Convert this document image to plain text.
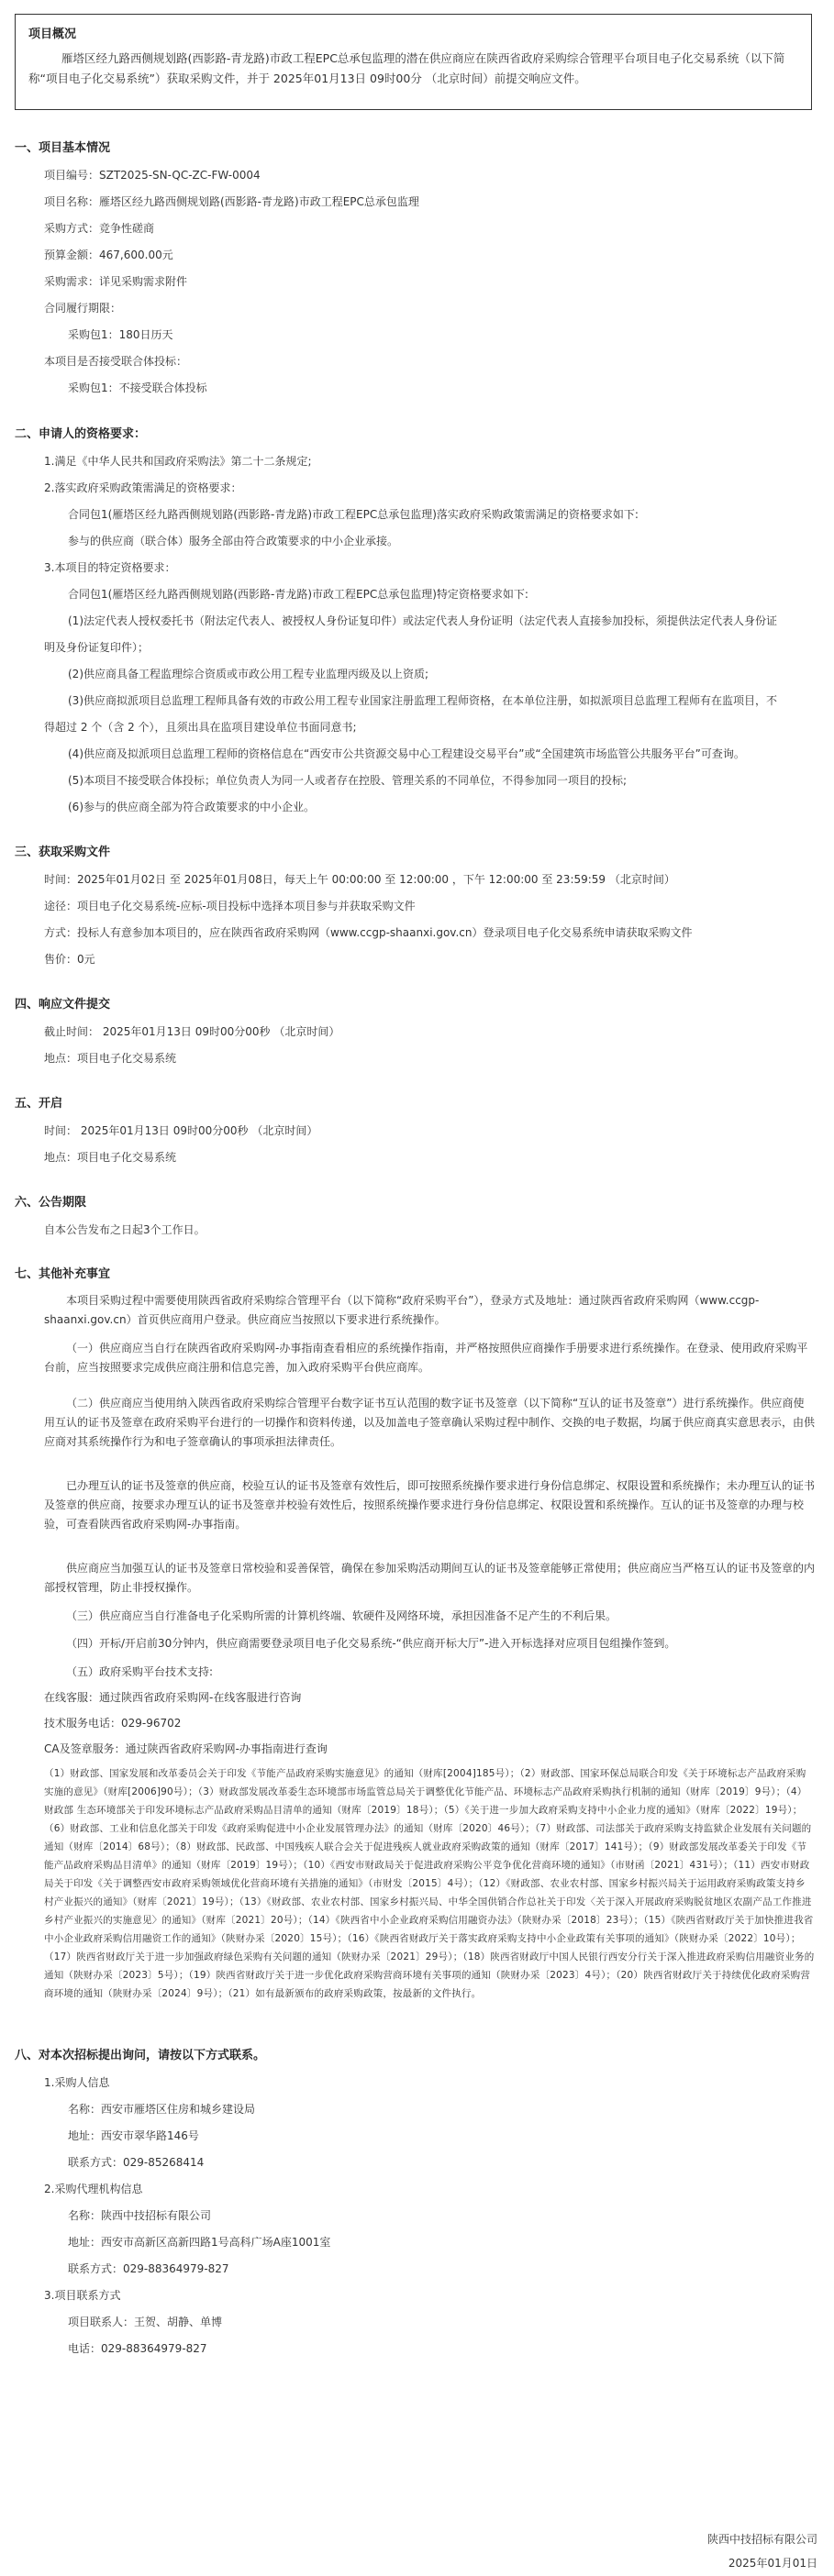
项目概况
雁塔区经九路西侧规划路(西影路-青龙路)市政工程EPC总承包监理的潜在供应商应在陕西省政府采购综合管理平台项目电子化交易系统（以下简称“项目电子化交易系统”）获取采购文件，并于 2025年01月13日 09时00分 （北京时间）前提交响应文件。
一、项目基本情况
项目编号：SZT2025-SN-QC-ZC-FW-0004
项目名称：雁塔区经九路西侧规划路(西影路-青龙路)市政工程EPC总承包监理
采购方式：竞争性磋商
预算金额：467,600.00元
采购需求：详见采购需求附件
合同履行期限：
采购包1：180日历天
本项目是否接受联合体投标：
采购包1：不接受联合体投标
二、申请人的资格要求：
1.满足《中华人民共和国政府采购法》第二十二条规定;
2.落实政府采购政策需满足的资格要求：
合同包1(雁塔区经九路西侧规划路(西影路-青龙路)市政工程EPC总承包监理)落实政府采购政策需满足的资格要求如下:
参与的供应商（联合体）服务全部由符合政策要求的中小企业承接。
3.本项目的特定资格要求：
合同包1(雁塔区经九路西侧规划路(西影路-青龙路)市政工程EPC总承包监理)特定资格要求如下:
(1)法定代表人授权委托书（附法定代表人、被授权人身份证复印件）或法定代表人身份证明（法定代表人直接参加投标，须提供法定代表人身份证
明及身份证复印件）；
(2)供应商具备工程监理综合资质或市政公用工程专业监理丙级及以上资质;
(3)供应商拟派项目总监理工程师具备有效的市政公用工程专业国家注册监理工程师资格，在本单位注册，如拟派项目总监理工程师有在监项目，不
得超过 2 个（含 2 个），且须出具在监项目建设单位书面同意书;
(4)供应商及拟派项目总监理工程师的资格信息在“西安市公共资源交易中心工程建设交易平台”或“全国建筑市场监管公共服务平台”可查询。
(5)本项目不接受联合体投标；单位负责人为同一人或者存在控股、管理关系的不同单位，不得参加同一项目的投标;
(6)参与的供应商全部为符合政策要求的中小企业。
三、获取采购文件
时间：2025年01月02日 至 2025年01月08日，每天上午 00:00:00 至 12:00:00 ，下午 12:00:00 至 23:59:59 （北京时间）
途径：项目电子化交易系统-应标-项目投标中选择本项目参与并获取采购文件
方式：投标人有意参加本项目的，应在陕西省政府采购网（www.ccgp-shaanxi.gov.cn）登录项目电子化交易系统申请获取采购文件
售价：0元
四、响应文件提交
截止时间： 2025年01月13日 09时00分00秒 （北京时间）
地点：项目电子化交易系统
五、开启
时间： 2025年01月13日 09时00分00秒 （北京时间）
地点：项目电子化交易系统
六、公告期限
自本公告发布之日起3个工作日。
七、其他补充事宜
本项目采购过程中需要使用陕西省政府采购综合管理平台（以下简称“政府采购平台”），登录方式及地址：通过陕西省政府采购网（www.ccgp-shaanxi.gov.cn）首页供应商用户登录。供应商应当按照以下要求进行系统操作。
（一）供应商应当自行在陕西省政府采购网-办事指南查看相应的系统操作指南，并严格按照供应商操作手册要求进行系统操作。在登录、使用政府采购平台前，应当按照要求完成供应商注册和信息完善，加入政府采购平台供应商库。
（二）供应商应当使用纳入陕西省政府采购综合管理平台数字证书互认范围的数字证书及签章（以下简称“互认的证书及签章”）进行系统操作。供应商使用互认的证书及签章在政府采购平台进行的一切操作和资料传递，以及加盖电子签章确认采购过程中制作、交换的电子数据，均属于供应商真实意思表示，由供应商对其系统操作行为和电子签章确认的事项承担法律责任。
已办理互认的证书及签章的供应商，校验互认的证书及签章有效性后，即可按照系统操作要求进行身份信息绑定、权限设置和系统操作；未办理互认的证书及签章的供应商，按要求办理互认的证书及签章并校验有效性后，按照系统操作要求进行身份信息绑定、权限设置和系统操作。互认的证书及签章的办理与校验，可查看陕西省政府采购网-办事指南。
供应商应当加强互认的证书及签章日常校验和妥善保管，确保在参加采购活动期间互认的证书及签章能够正常使用；供应商应当严格互认的证书及签章的内部授权管理，防止非授权操作。
（三）供应商应当自行准备电子化采购所需的计算机终端、软硬件及网络环境，承担因准备不足产生的不利后果。
（四）开标/开启前30分钟内，供应商需要登录项目电子化交易系统-“供应商开标大厅”-进入开标选择对应项目包组操作签到。
（五）政府采购平台技术支持:
在线客服：通过陕西省政府采购网-在线客服进行咨询
技术服务电话：029-96702
CA及签章服务：通过陕西省政府采购网-办事指南进行查询
（1）财政部、国家发展和改革委员会关于印发《节能产品政府采购实施意见》的通知（财库[2004]185号）；（2）财政部、国家环保总局联合印发《关于环境标志产品政府采购实施的意见》（财库[2006]90号）；（3）财政部发展改革委生态环境部市场监管总局关于调整优化节能产品、环境标志产品政府采购执行机制的通知（财库〔2019〕9号）；（4）财政部 生态环境部关于印发环境标志产品政府采购品目清单的通知（财库〔2019〕18号）；（5）《关于进一步加大政府采购支持中小企业力度的通知》（财库〔2022〕19号）；（6）财政部、工业和信息化部关于印发《政府采购促进中小企业发展管理办法》的通知（财库〔2020〕46号）；（7）财政部、司法部关于政府采购支持监狱企业发展有关问题的通知（财库〔2014〕68号）；（8）财政部、民政部、中国残疾人联合会关于促进残疾人就业政府采购政策的通知（财库〔2017〕141号）；（9）财政部发展改革委关于印发《节能产品政府采购品目清单》的通知（财库〔2019〕19号）；（10）《西安市财政局关于促进政府采购公平竞争优化营商环境的通知》（市财函〔2021〕431号）；（11）西安市财政局关于印发《关于调整西安市政府采购领域优化营商环境有关措施的通知》（市财发〔2015〕4号）；（12）《财政部、农业农村部、国家乡村振兴局关于运用政府采购政策支持乡村产业振兴的通知》（财库〔2021〕19号）；（13）《财政部、农业农村部、国家乡村振兴局、中华全国供销合作总社关于印发〈关于深入开展政府采购脱贫地区农副产品工作推进乡村产业振兴的实施意见〉的通知》（财库〔2021〕20号）；（14）《陕西省中小企业政府采购信用融资办法》（陕财办采〔2018〕23号）；（15）《陕西省财政厅关于加快推进我省中小企业政府采购信用融资工作的通知》（陕财办采〔2020〕15号）；（16）《陕西省财政厅关于落实政府采购支持中小企业政策有关事项的通知》（陕财办采〔2022〕10号）；（17）陕西省财政厅关于进一步加强政府绿色采购有关问题的通知（陕财办采〔2021〕29号）；（18）陕西省财政厅中国人民银行西安分行关于深入推进政府采购信用融资业务的通知（陕财办采〔2023〕5号）；（19）陕西省财政厅关于进一步优化政府采购营商环境有关事项的通知（陕财办采〔2023〕4号）；（20）陕西省财政厅关于持续优化政府采购营商环境的通知（陕财办采〔2024〕9号）；（21）如有最新颁布的政府采购政策，按最新的文件执行。
八、对本次招标提出询问，请按以下方式联系。
1.采购人信息
名称：西安市雁塔区住房和城乡建设局
地址：西安市翠华路146号
联系方式：029-85268414
2.采购代理机构信息
名称：陕西中技招标有限公司
地址：西安市高新区高新四路1号高科广场A座1001室
联系方式：029-88364979-827
3.项目联系方式
项目联系人：王贺、胡静、单博
电话：029-88364979-827
陕西中技招标有限公司
2025年01月01日
